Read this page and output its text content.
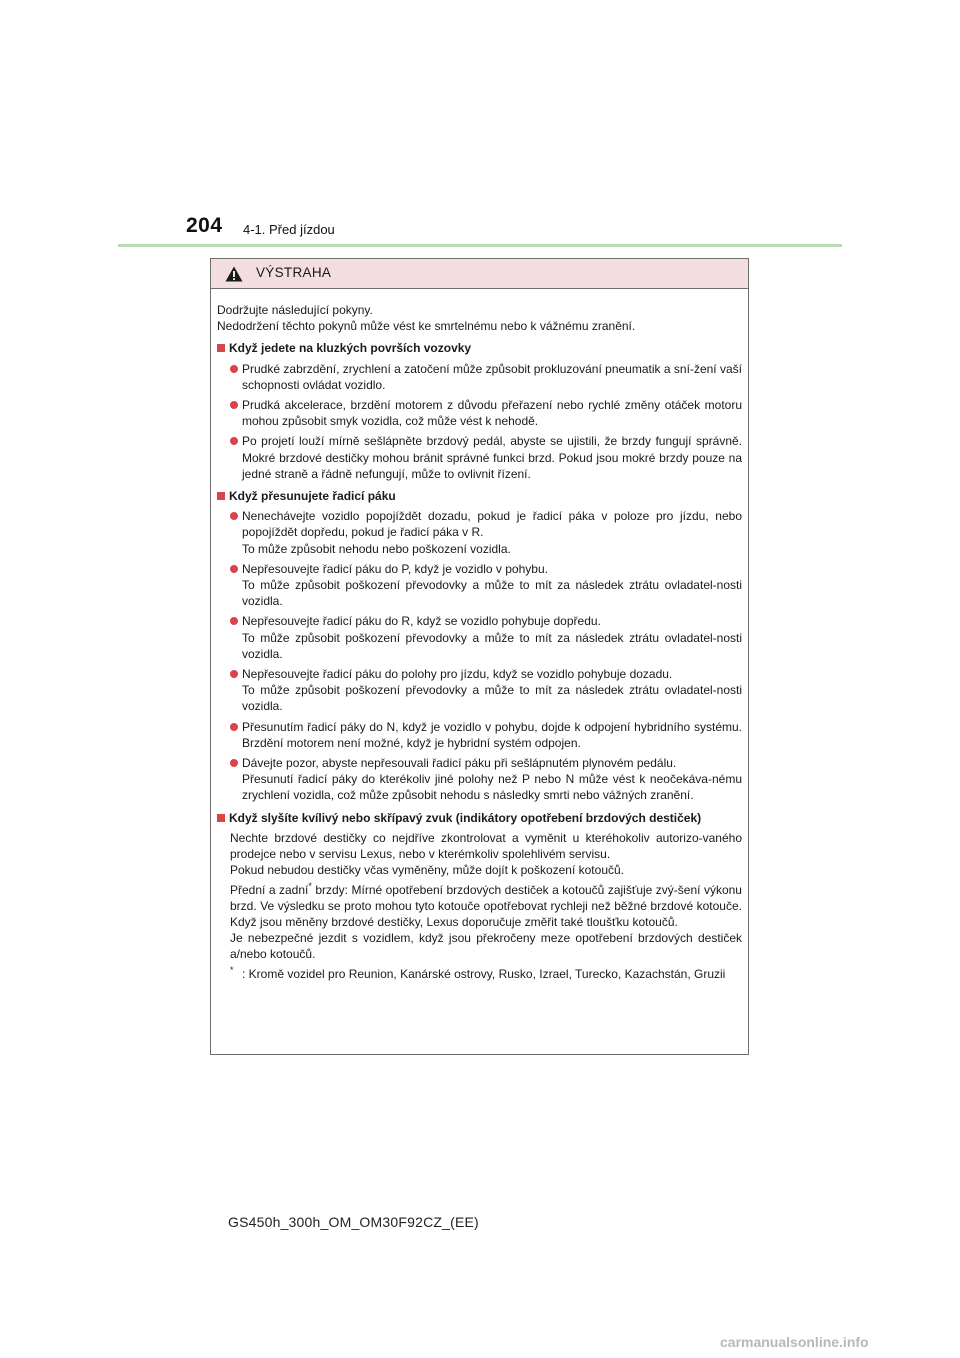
204 4-1. Před jízdou
VÝSTRAHA

Dodržujte následující pokyny.

Nedodržení těchto pokynů může vést ke smrtelnému nebo k vážnému zranění.

Když jedete na kluzkých površích vozovky

Prudké zabrzdění, zrychlení a zatočení může způsobit prokluzování pneumatik a sní-žení vaší schopnosti ovládat vozidlo.

Prudká akcelerace, brzdění motorem z důvodu přeřazení nebo rychlé změny otáček motoru mohou způsobit smyk vozidla, což může vést k nehodě.

Po projetí louží mírně sešlápněte brzdový pedál, abyste se ujistili, že brzdy fungují správně. Mokré brzdové destičky mohou bránit správné funkci brzd. Pokud jsou mokré brzdy pouze na jedné straně a řádně nefungují, může to ovlivnit řízení.

Když přesunujete řadicí páku

Nenechávejte vozidlo popojíždět dozadu, pokud je řadicí páka v poloze pro jízdu, nebo popojíždět dopředu, pokud je řadicí páka v R.
To může způsobit nehodu nebo poškození vozidla.

Nepřesouvejte řadicí páku do P, když je vozidlo v pohybu.
To může způsobit poškození převodovky a může to mít za následek ztrátu ovladatel-nosti vozidla.

Nepřesouvejte řadicí páku do R, když se vozidlo pohybuje dopředu.
To může způsobit poškození převodovky a může to mít za následek ztrátu ovladatel-nosti vozidla.

Nepřesouvejte řadicí páku do polohy pro jízdu, když se vozidlo pohybuje dozadu.
To může způsobit poškození převodovky a může to mít za následek ztrátu ovladatel-nosti vozidla.

Přesunutím řadicí páky do N, když je vozidlo v pohybu, dojde k odpojení hybridního systému. Brzdění motorem není možné, když je hybridní systém odpojen.

Dávejte pozor, abyste nepřesouvali řadicí páku při sešlápnutém plynovém pedálu.
Přesunutí řadicí páky do kterékoliv jiné polohy než P nebo N může vést k neočekáva-nému zrychlení vozidla, což může způsobit nehodu s následky smrti nebo vážných zranění.

Když slyšíte kvílivý nebo skřípavý zvuk (indikátory opotřebení brzdových destiček)

Nechte brzdové destičky co nejdříve zkontrolovat a vyměnit u kteréhokoliv autorizo-vaného prodejce nebo v servisu Lexus, nebo v kterémkoliv spolehlivém servisu.
Pokud nebudou destičky včas vyměněny, může dojít k poškození kotoučů.

Přední a zadní* brzdy: Mírné opotřebení brzdových destiček a kotoučů zajišťuje zvý-šení výkonu brzd. Ve výsledku se proto mohou tyto kotouče opotřebovat rychleji než běžné brzdové kotouče. Když jsou měněny brzdové destičky, Lexus doporučuje změřit také tloušťku kotoučů.
Je nebezpečné jezdit s vozidlem, když jsou překročeny meze opotřebení brzdových destiček a/nebo kotoučů.

* : Kromě vozidel pro Reunion, Kanárské ostrovy, Rusko, Izrael, Turecko, Kazachstán, Gruzii

GS450h_300h_OM_OM30F92CZ_(EE)
carmanualsonline.info
